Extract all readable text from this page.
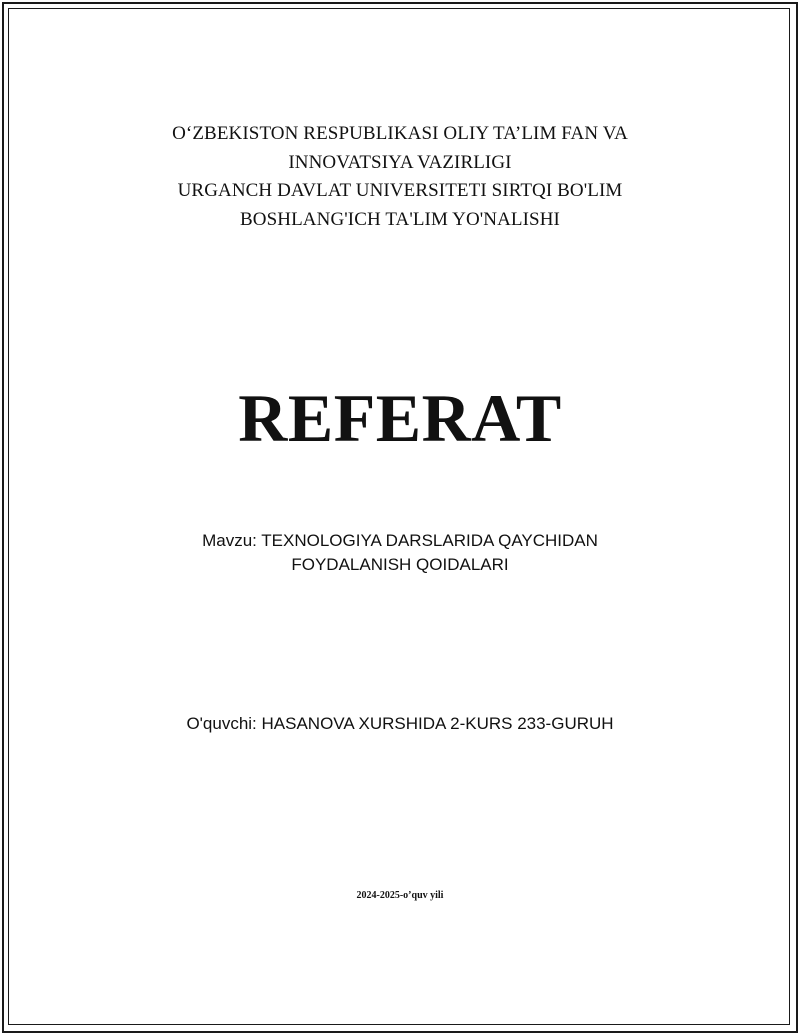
O‘ZBEKISTON RESPUBLIKASI OLIY TA’LIM FAN VA
INNOVATSIYA VAZIRLIGI
URGANCH DAVLAT UNIVERSITETI SIRTQI BO'LIM
BOSHLANG'ICH TA'LIM YO'NALISHI
REFERAT
Mavzu: TEXNOLOGIYA DARSLARIDA QAYCHIDAN
FOYDALANISH QOIDALARI
O'quvchi: HASANOVA XURSHIDA 2-KURS 233-GURUH
2024-2025-o’quv yili
